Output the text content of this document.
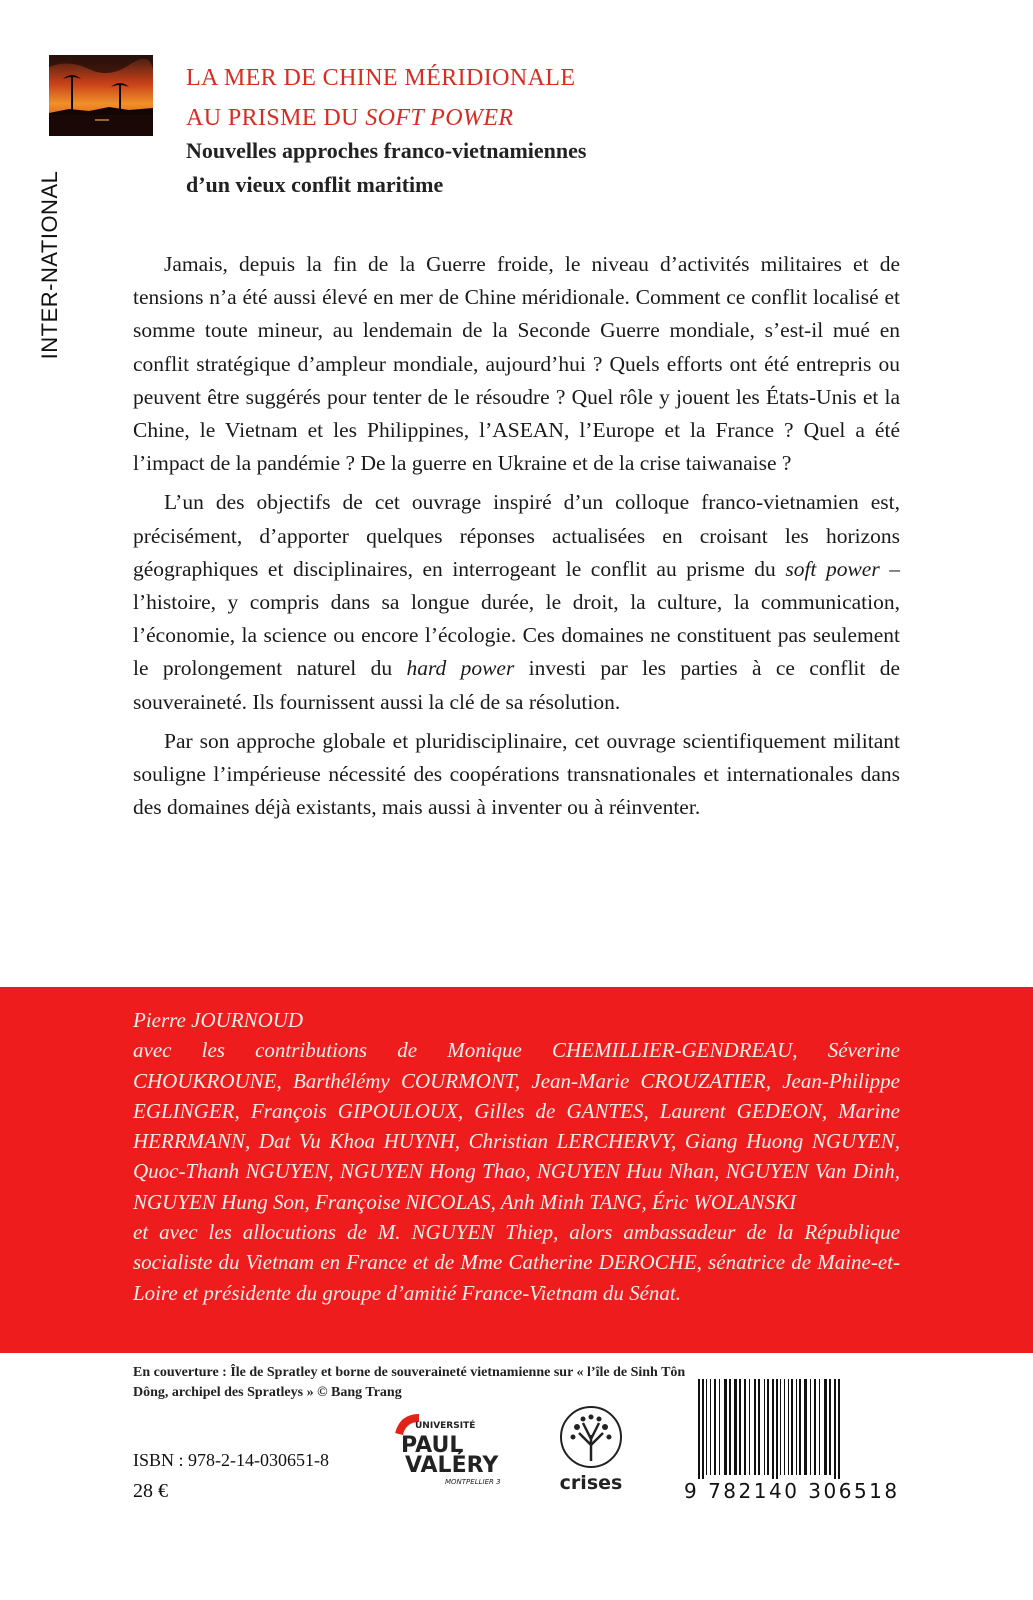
INTER-NATIONAL
LA MER DE CHINE MÉRIDIONALE
AU PRISME DU SOFT POWER
Nouvelles approches franco-vietnamiennes
d’un vieux conflit maritime

Jamais, depuis la fin de la Guerre froide, le niveau d’activités militaires et de tensions n’a été aussi élevé en mer de Chine méridionale. Comment ce conflit localisé et somme toute mineur, au lendemain de la Seconde Guerre mondiale, s’est-il mué en conflit stratégique d’ampleur mondiale, aujourd’hui ? Quels efforts ont été entrepris ou peuvent être suggérés pour tenter de le résoudre ? Quel rôle y jouent les États-Unis et la Chine, le Vietnam et les Philippines, l’ASEAN, l’Europe et la France ? Quel a été l’impact de la pandémie ? De la guerre en Ukraine et de la crise taiwanaise ?

L’un des objectifs de cet ouvrage inspiré d’un colloque franco-vietnamien est, précisément, d’apporter quelques réponses actualisées en croisant les horizons géographiques et disciplinaires, en interrogeant le conflit au prisme du soft power – l’histoire, y compris dans sa longue durée, le droit, la culture, la communication, l’économie, la science ou encore l’écologie. Ces domaines ne constituent pas seulement le prolongement naturel du hard power investi par les parties à ce conflit de souveraineté. Ils fournissent aussi la clé de sa résolution.

Par son approche globale et pluridisciplinaire, cet ouvrage scientifiquement militant souligne l’impérieuse nécessité des coopérations transnationales et internationales dans des domaines déjà existants, mais aussi à inventer ou à réinventer.

Pierre JOURNOUD

avec les contributions de Monique CHEMILLIER-GENDREAU, Séverine CHOUKROUNE, Barthélémy COURMONT, Jean-Marie CROUZATIER, Jean-Philippe EGLINGER, François GIPOULOUX, Gilles de GANTES, Laurent GEDEON, Marine HERRMANN, Dat Vu Khoa HUYNH, Christian LERCHERVY, Giang Huong NGUYEN, Quoc-Thanh NGUYEN, NGUYEN Hong Thao, NGUYEN Huu Nhan, NGUYEN Van Dinh, NGUYEN Hung Son, Françoise NICOLAS, Anh Minh TANG, Éric WOLANSKI

et avec les allocutions de M. NGUYEN Thiep, alors ambassadeur de la République socialiste du Vietnam en France et de Mme Catherine DEROCHE, sénatrice de Maine-et-Loire et présidente du groupe d’amitié France-Vietnam du Sénat.

En couverture : Île de Spratley et borne de souveraineté vietnamienne sur « l’île de Sinh Tôn Dông, archipel des Spratleys » © Bang Trang
ISBN : 978-2-14-030651-8
28 €
UNIVERSITÉ
PAUL
VALÉRY
MONTPELLIER 3	crises	9 782140 306518
